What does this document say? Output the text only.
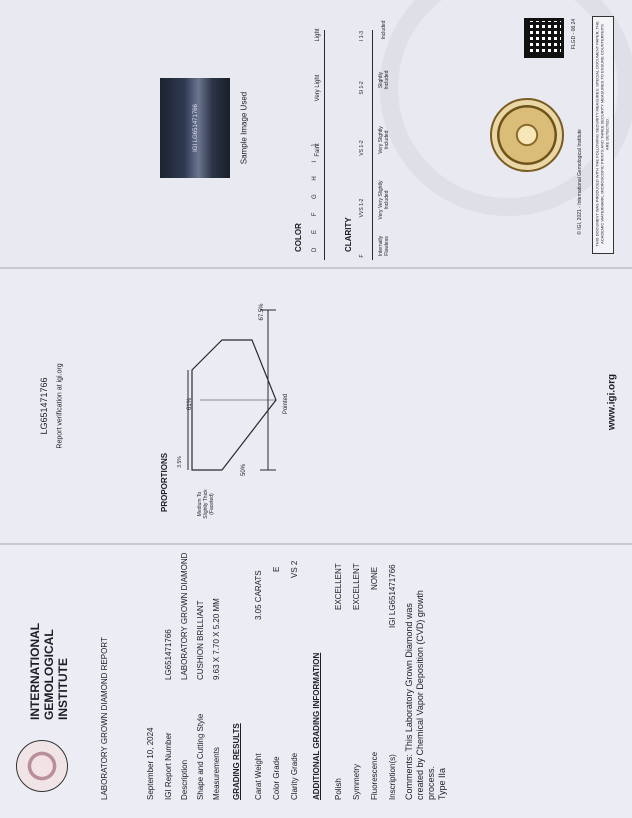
IGI LG651471766	Sample Image Used
COLOR D E F G H I J
Faint
Very Light
Light
CLARITY
F
VVS 1-2
VS 1-2
SI 1-2
I 1-3
Internally Flawless
Very Very Slightly Included
Very Slightly Included
Slightly Included
Included	FLGD - 08.24
© IGI, 2021 - International Gemological Institute	THIS DOCUMENT WAS PRODUCED WITH THE FOLLOWING SECURITY MEASURES: SPECIAL DOCUMENT PAPER, THE ACADEMIC WATERMARK, MICROSCOPIC PRINTS AND THREE SECURITY MEASURES TO ENSURE COUNTERFEITS ARE DETECTED.
LG651471766 Report verification at igi.org
PROPORTIONS
61%
67.5%
50%
3.5%
Pointed
Medium To Slightly Thick (Faceted)
www.igi.org
INTERNATIONAL GEMOLOGICAL INSTITUTE	LABORATORY GROWN DIAMOND REPORT	September 10, 2024 IGI Report Number
LG651471766
Description
LABORATORY GROWN DIAMOND
Shape and Cutting Style
CUSHION BRILLIANT
Measurements
9.63 X 7.70 X 5.20 MM
GRADING RESULTS Carat Weight
3.05 CARATS
Color Grade
E
Clarity Grade
VS 2
ADDITIONAL GRADING INFORMATION Polish
EXCELLENT
Symmetry
EXCELLENT
Fluorescence
NONE
Inscription(s)
IGI LG651471766
Comments: This Laboratory Grown Diamond was created by Chemical Vapor Deposition (CVD) growth process. Type IIa
